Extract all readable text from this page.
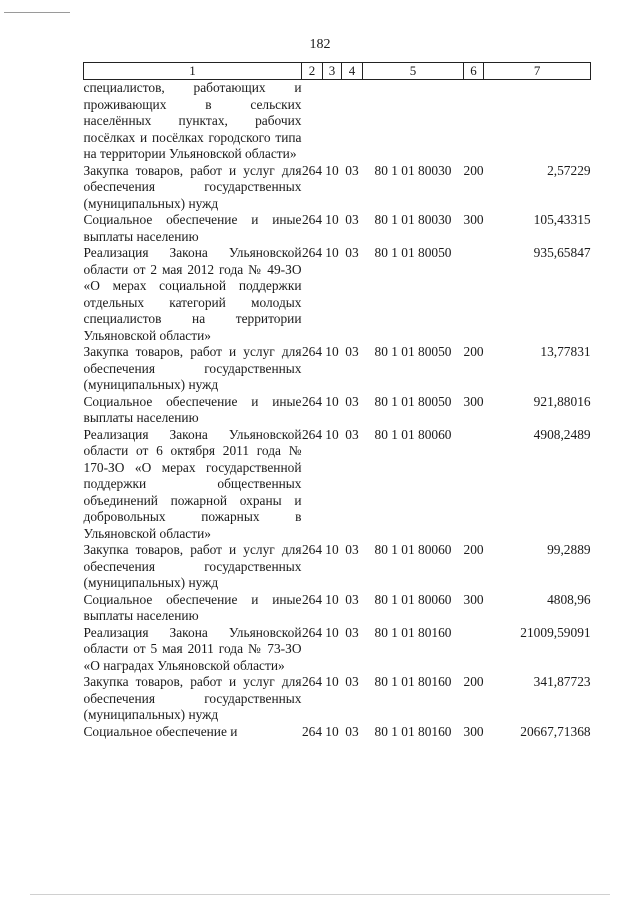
182
1	2	3	4	5	6	7
специалистов, работающих и проживающих в сельских населённых пунктах, рабочих посёлках и посёлках городского типа на территории Ульяновской области»						
Закупка товаров, работ и услуг для обеспечения государственных (муниципальных) нужд	264	10	03	80 1 01 80030	200	2,57229
Социальное обеспечение и иные выплаты населению	264	10	03	80 1 01 80030	300	105,43315
Реализация Закона Ульяновской области от 2 мая 2012 года № 49-ЗО «О мерах социальной поддержки отдельных категорий молодых специалистов на территории Ульяновской области»	264	10	03	80 1 01 80050		935,65847
Закупка товаров, работ и услуг для обеспечения государственных (муниципальных) нужд	264	10	03	80 1 01 80050	200	13,77831
Социальное обеспечение и иные выплаты населению	264	10	03	80 1 01 80050	300	921,88016
Реализация Закона Ульяновской области от 6 октября 2011 года № 170-ЗО «О мерах государственной поддержки общественных объединений пожарной охраны и добровольных пожарных в Ульяновской области»	264	10	03	80 1 01 80060		4908,2489
Закупка товаров, работ и услуг для обеспечения государственных (муниципальных) нужд	264	10	03	80 1 01 80060	200	99,2889
Социальное обеспечение и иные выплаты населению	264	10	03	80 1 01 80060	300	4808,96
Реализация Закона Ульяновской области от 5 мая 2011 года № 73-ЗО «О наградах Ульяновской области»	264	10	03	80 1 01 80160		21009,59091
Закупка товаров, работ и услуг для обеспечения государственных (муниципальных) нужд	264	10	03	80 1 01 80160	200	341,87723
Социальное обеспечение и	264	10	03	80 1 01 80160	300	20667,71368
